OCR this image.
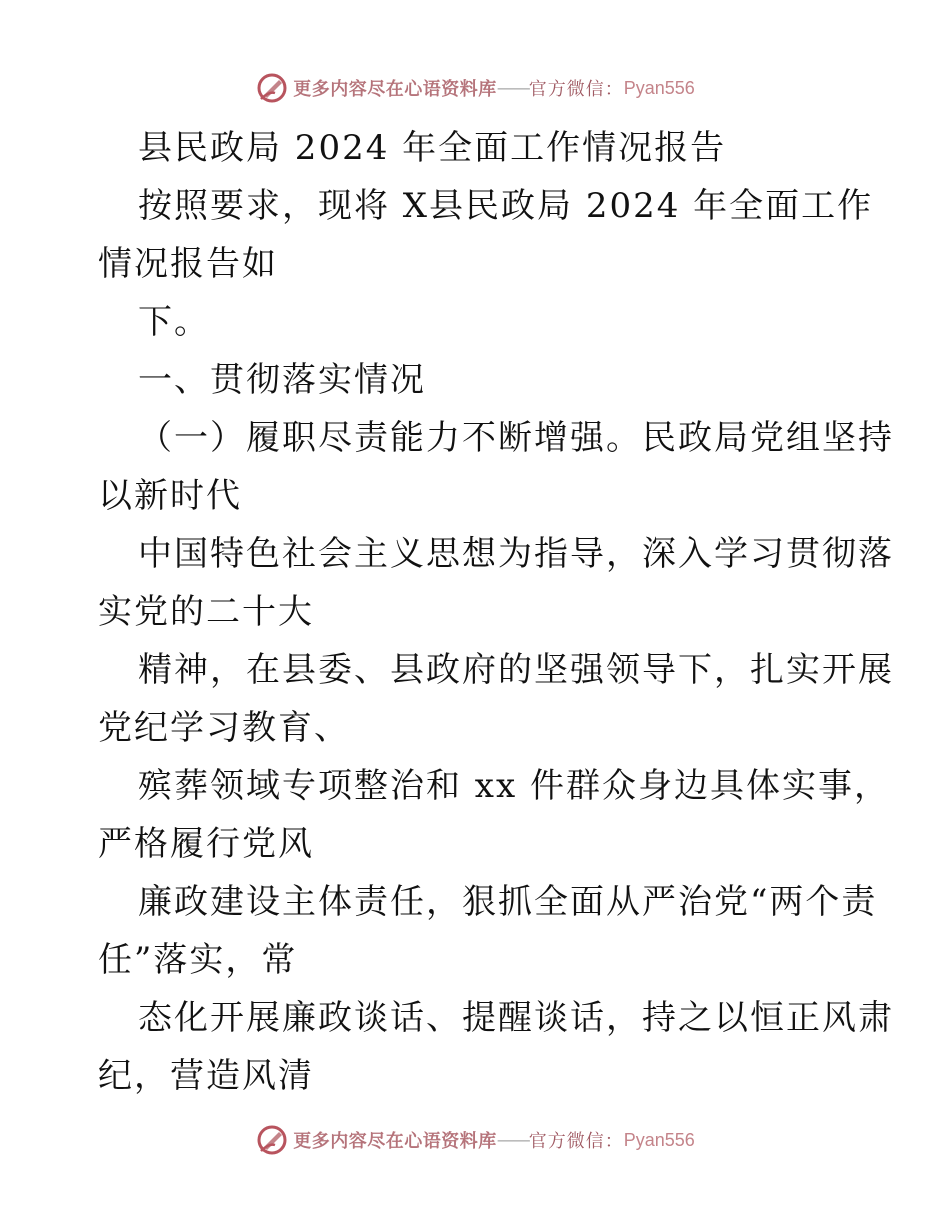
更多内容尽在心语资料库 —— 官方微信： Pyan556
县民政局 2024 年全面工作情况报告
按照要求，现将 X县民政局 2024 年全面工作
情况报告如
下。
一、贯彻落实情况
（一）履职尽责能力不断增强。民政局党组坚持
以新时代
中国特色社会主义思想为指导，深入学习贯彻落
实党的二十大
精神，在县委、县政府的坚强领导下，扎实开展
党纪学习教育、
殡葬领域专项整治和 xx 件群众身边具体实事，
严格履行党风
廉政建设主体责任，狠抓全面从严治党“两个责
任”落实，常
态化开展廉政谈话、提醒谈话，持之以恒正风肃
纪，营造风清
更多内容尽在心语资料库 —— 官方微信： Pyan556
